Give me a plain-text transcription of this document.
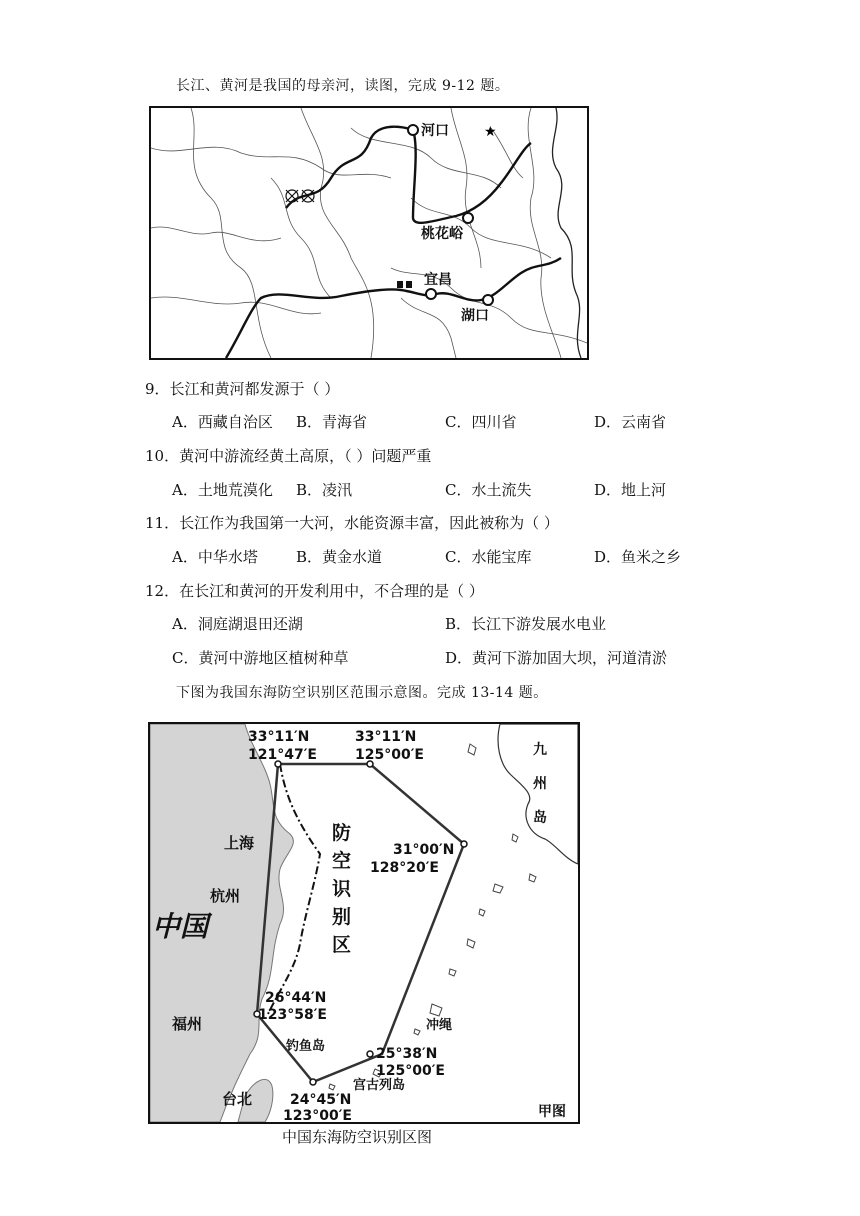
长江、黄河是我国的母亲河，读图，完成 9-12 题。
河口	★
桃花峪
宜昌
湖口
9．长江和黄河都发源于（ ）
A．西藏自治区 B．青海省	C．四川省	D．云南省
10．黄河中游流经黄土高原，（ ）问题严重
A．土地荒漠化 B．凌汛	C．水土流失	D．地上河
11．长江作为我国第一大河，水能资源丰富，因此被称为（ ）
A．中华水塔	B．黄金水道	C．水能宝库	D．鱼米之乡
12．在长江和黄河的开发利用中，不合理的是（ ）
A．洞庭湖退田还湖	B．长江下游发展水电业
C．黄河中游地区植树种草	D．黄河下游加固大坝，河道清淤
下图为我国东海防空识别区范围示意图。完成 13-14 题。
33°11′N
121°47′E
33°11′N
125°00′E
31°00′N
128°20′E
26°44′N
123°58′E
25°38′N
125°00′E
24°45′N
123°00′E
防
空
识
别
区
上海
杭州
中国
福州
台北
钓鱼岛
宫古列岛
冲绳
九
州
岛
甲图
中国东海防空识别区图
